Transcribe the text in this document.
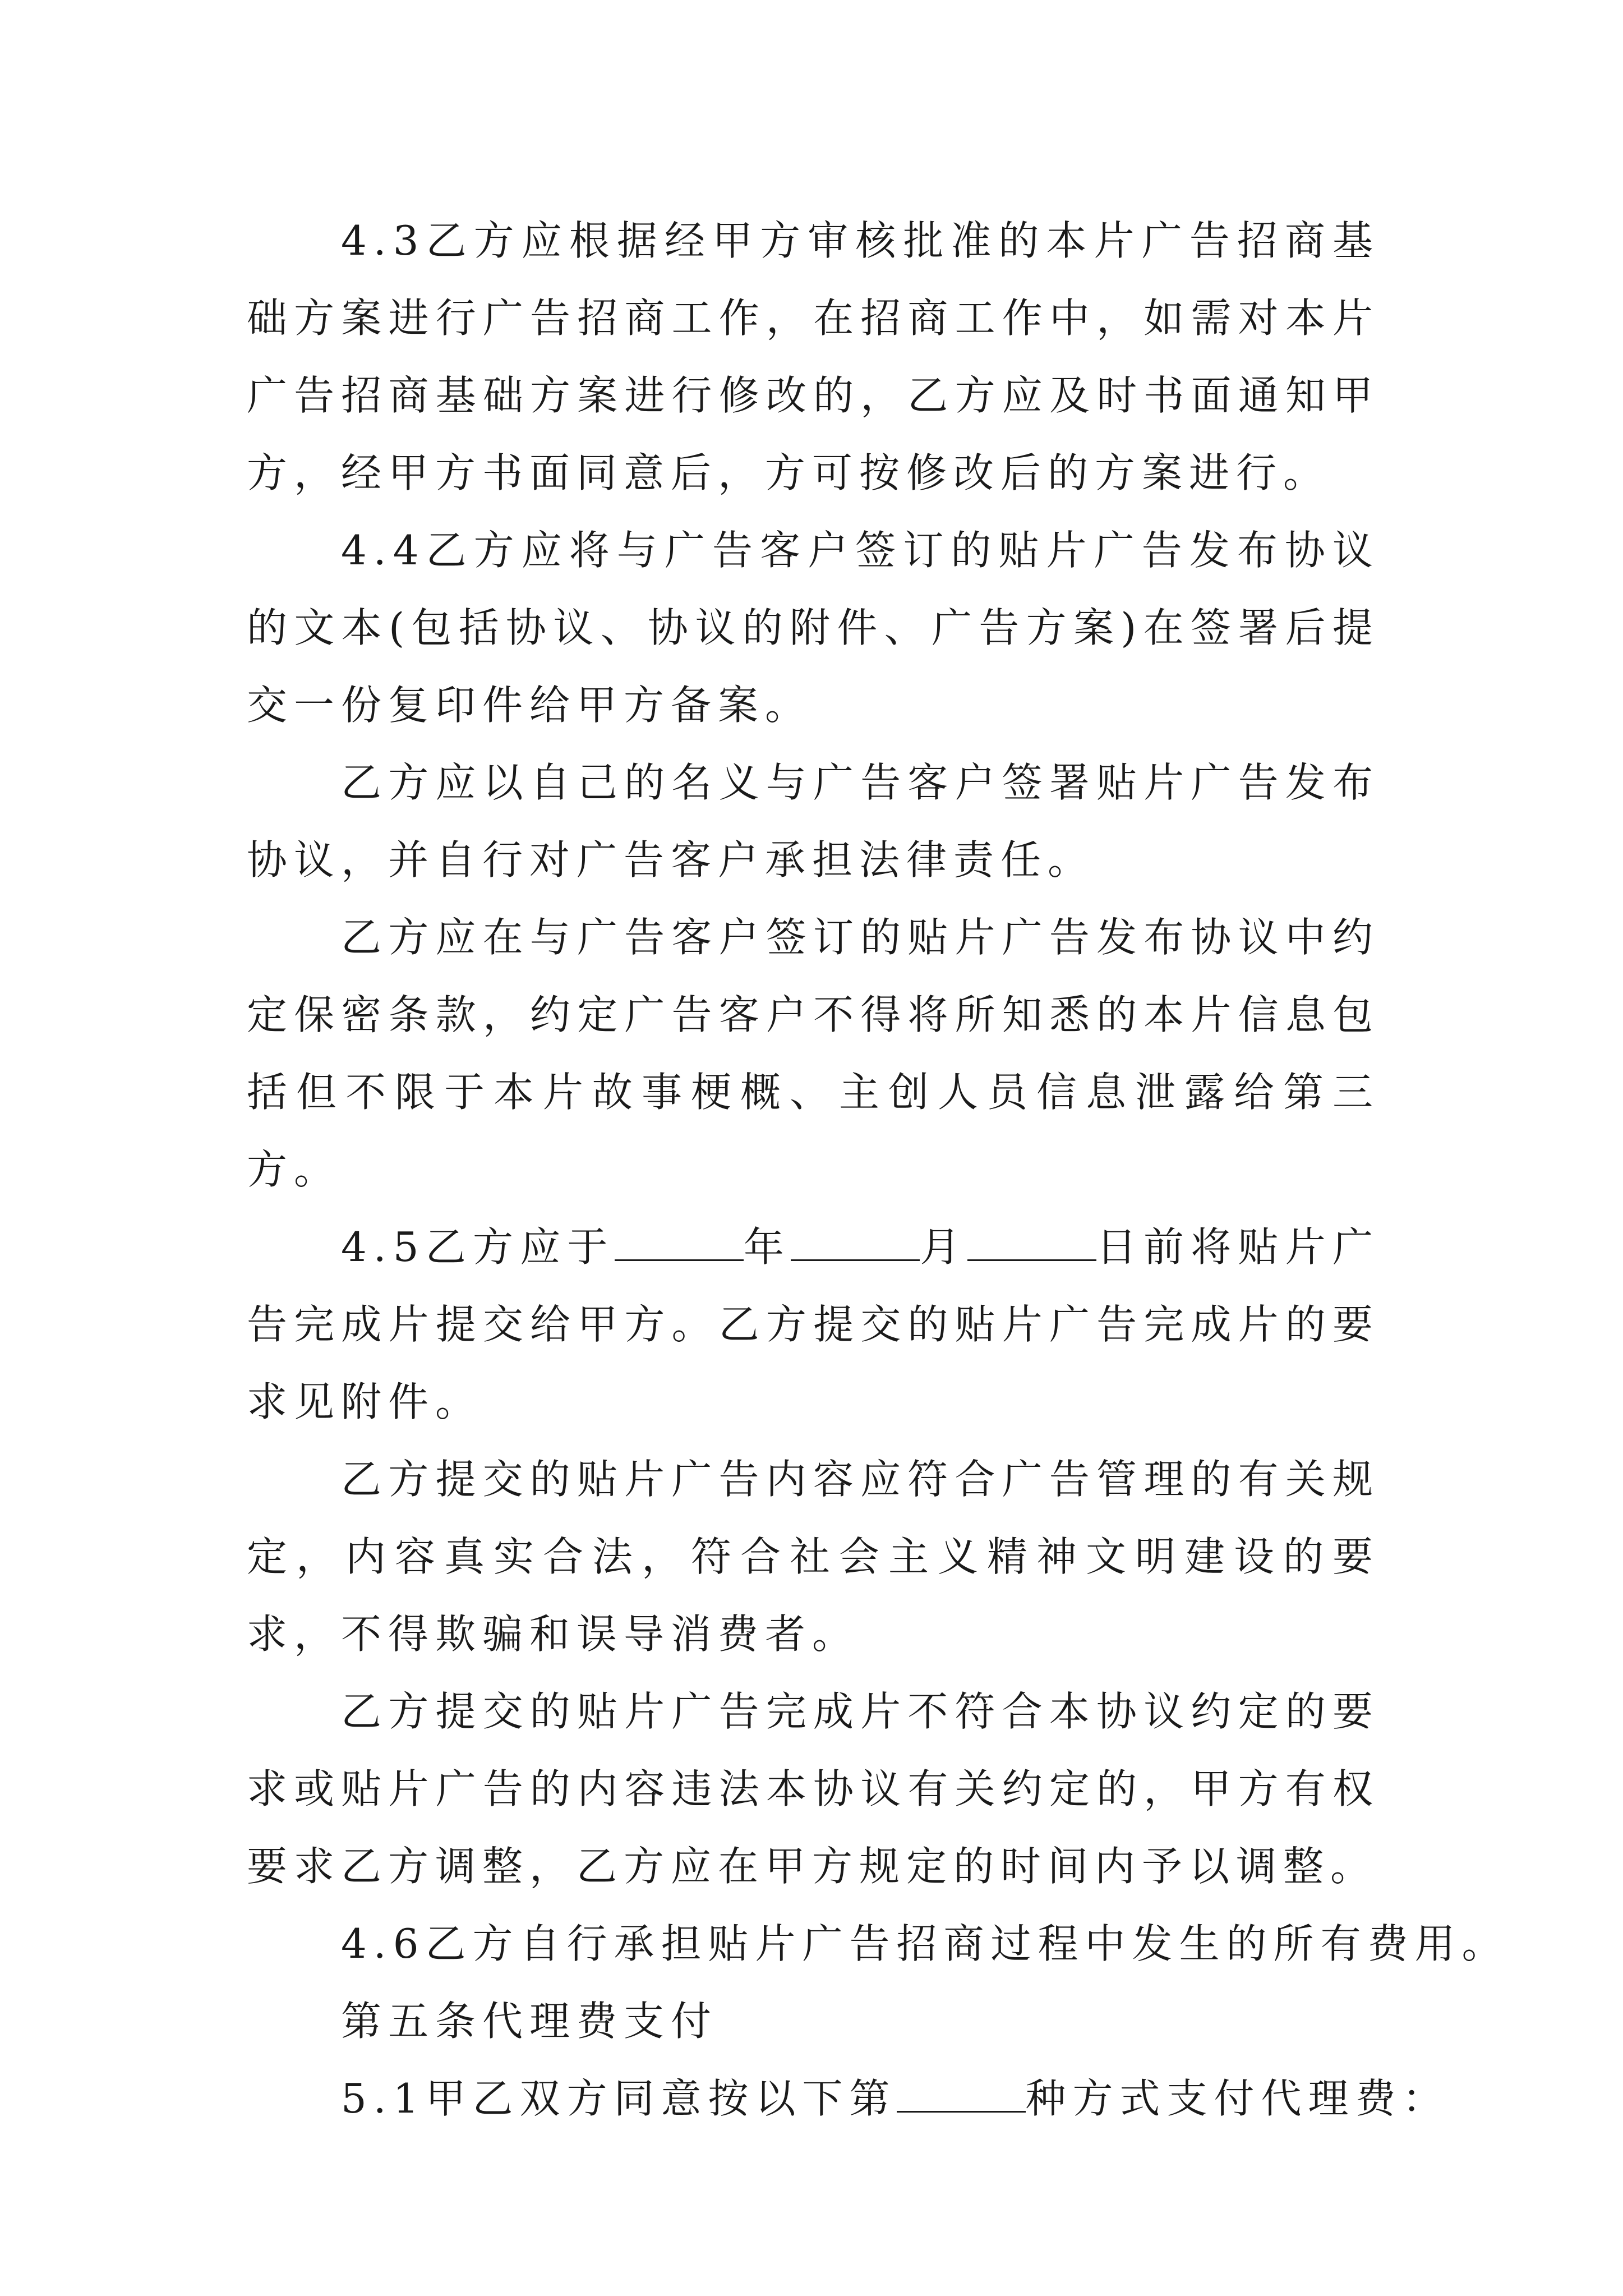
4.3乙方应根据经甲方审核批准的本片广告招商基础方案进行广告招商工作，在招商工作中，如需对本片广告招商基础方案进行修改的，乙方应及时书面通知甲方，经甲方书面同意后，方可按修改后的方案进行。

4.4乙方应将与广告客户签订的贴片广告发布协议的文本(包括协议、协议的附件、广告方案)在签署后提交一份复印件给甲方备案。

乙方应以自己的名义与广告客户签署贴片广告发布协议，并自行对广告客户承担法律责任。

乙方应在与广告客户签订的贴片广告发布协议中约定保密条款，约定广告客户不得将所知悉的本片信息包括但不限于本片故事梗概、主创人员信息泄露给第三方。

4.5乙方应于	年	月	日前将贴片广告完成片提交给甲方。乙方提交的贴片广告完成片的要求见附件。

乙方提交的贴片广告内容应符合广告管理的有关规定，内容真实合法，符合社会主义精神文明建设的要求，不得欺骗和误导消费者。

乙方提交的贴片广告完成片不符合本协议约定的要求或贴片广告的内容违法本协议有关约定的，甲方有权要求乙方调整，乙方应在甲方规定的时间内予以调整。

4.6乙方自行承担贴片广告招商过程中发生的所有费用。

第五条代理费支付

5.1甲乙双方同意按以下第	种方式支付代理费：
